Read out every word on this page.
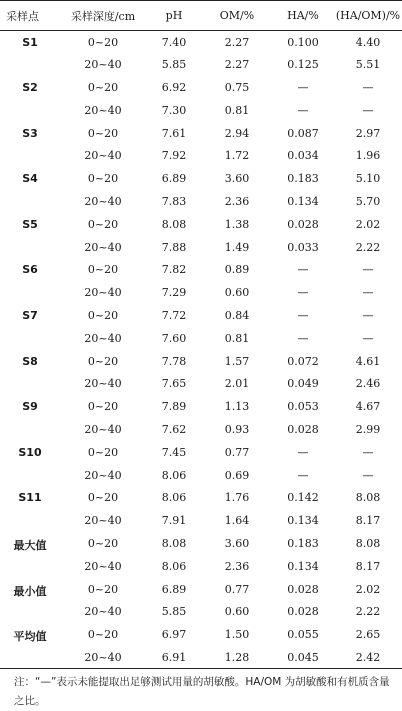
采样点	采样深度/cm	pH	OM/%	HA/%	(HA/OM)/%
S1	0~20	7.40	2.27	0.100	4.40
	20~40	5.85	2.27	0.125	5.51
S2	0~20	6.92	0.75	—	—
	20~40	7.30	0.81	—	—
S3	0~20	7.61	2.94	0.087	2.97
	20~40	7.92	1.72	0.034	1.96
S4	0~20	6.89	3.60	0.183	5.10
	20~40	7.83	2.36	0.134	5.70
S5	0~20	8.08	1.38	0.028	2.02
	20~40	7.88	1.49	0.033	2.22
S6	0~20	7.82	0.89	—	—
	20~40	7.29	0.60	—	—
S7	0~20	7.72	0.84	—	—
	20~40	7.60	0.81	—	—
S8	0~20	7.78	1.57	0.072	4.61
	20~40	7.65	2.01	0.049	2.46
S9	0~20	7.89	1.13	0.053	4.67
	20~40	7.62	0.93	0.028	2.99
S10	0~20	7.45	0.77	—	—
	20~40	8.06	0.69	—	—
S11	0~20	8.06	1.76	0.142	8.08
	20~40	7.91	1.64	0.134	8.17
最大值	0~20	8.08	3.60	0.183	8.08
	20~40	8.06	2.36	0.134	8.17
最小值	0~20	6.89	0.77	0.028	2.02
	20~40	5.85	0.60	0.028	2.22
平均值	0~20	6.97	1.50	0.055	2.65
	20~40	6.91	1.28	0.045	2.42
注：“—”表示未能提取出足够测试用量的胡敏酸。HA/OM 为胡敏酸和有机质含量之比。
